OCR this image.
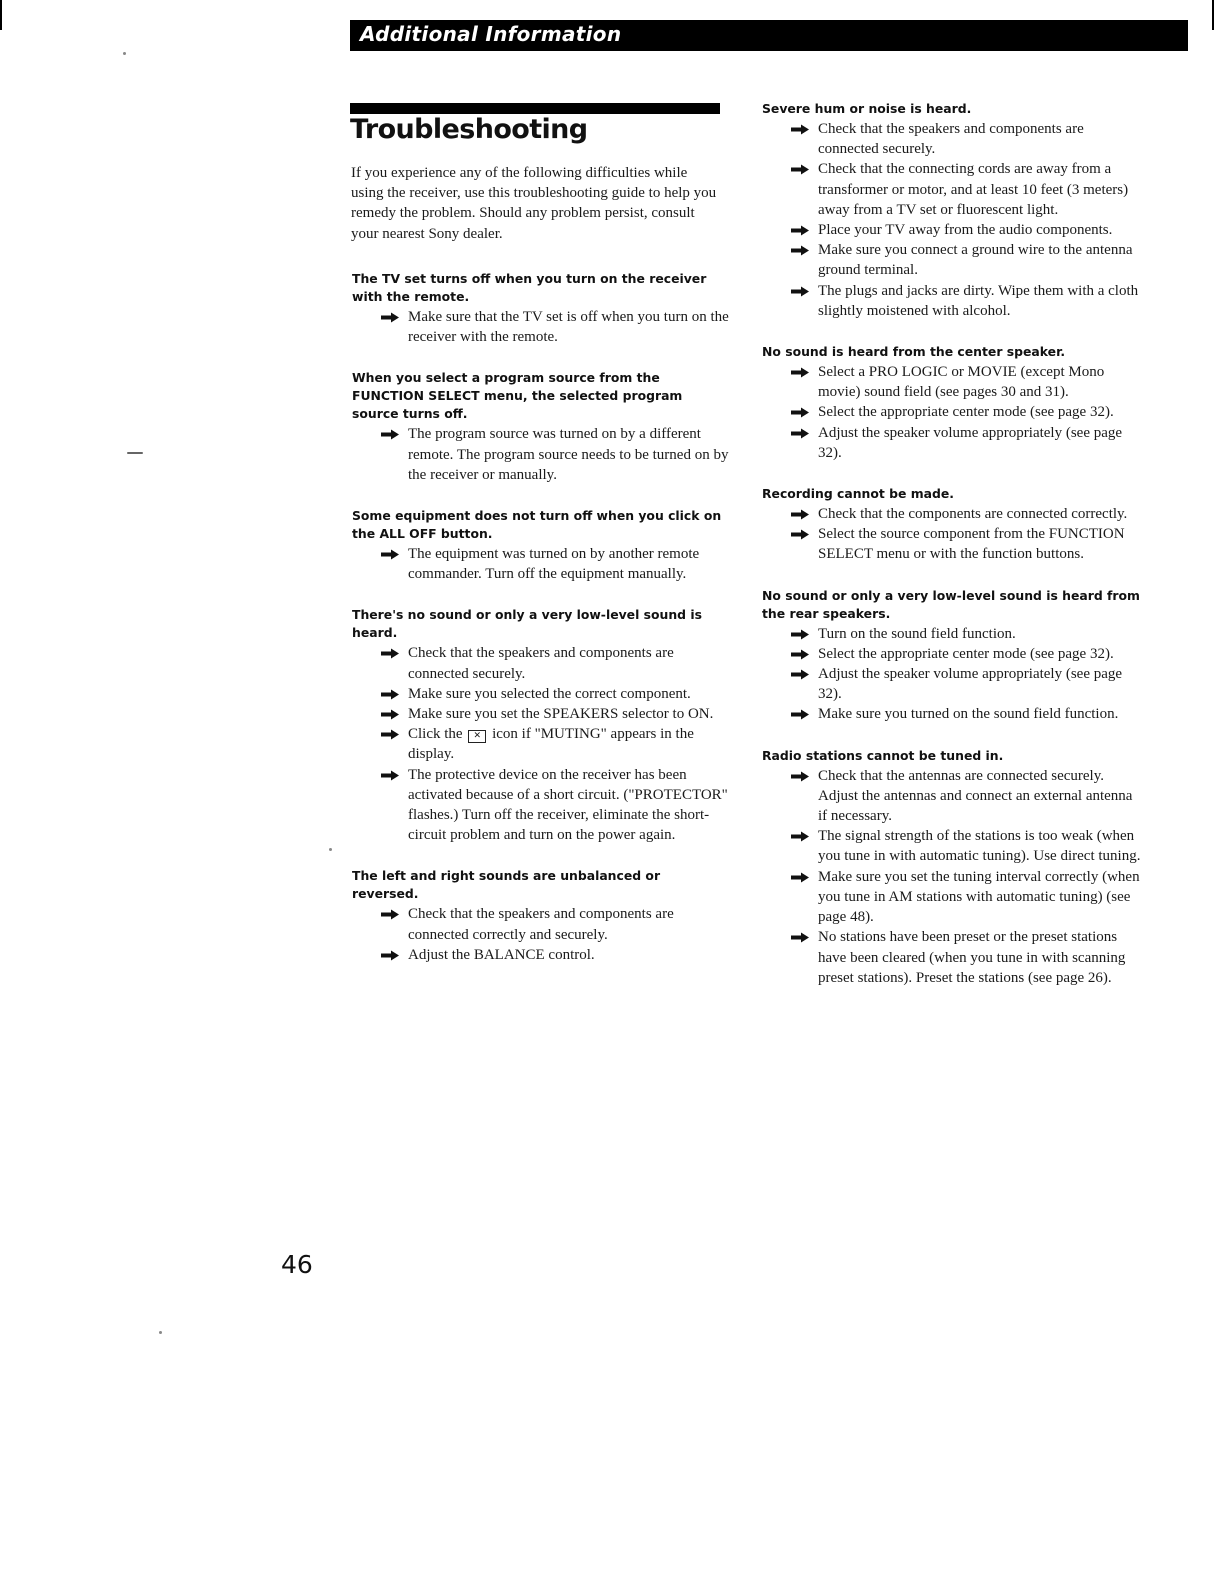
Additional Information
Troubleshooting

If you experience any of the following difficulties while using the receiver, use this troubleshooting guide to help you remedy the problem. Should any problem persist, consult your nearest Sony dealer.

The TV set turns off when you turn on the receiver with the remote.

Make sure that the TV set is off when you turn on the receiver with the remote.

When you select a program source from the FUNCTION SELECT menu, the selected program source turns off.

The program source was turned on by a different remote. The program source needs to be turned on by the receiver or manually.

Some equipment does not turn off when you click on the ALL OFF button.

The equipment was turned on by another remote commander. Turn off the equipment manually.

There's no sound or only a very low-level sound is heard.

Check that the speakers and components are connected securely.
Make sure you selected the correct component.
Make sure you set the SPEAKERS selector to ON.
Click the ✕ icon if "MUTING" appears in the display.
The protective device on the receiver has been activated because of a short circuit. ("PROTECTOR" flashes.) Turn off the receiver, eliminate the short-circuit problem and turn on the power again.

The left and right sounds are unbalanced or reversed.

Check that the speakers and components are connected correctly and securely.
Adjust the BALANCE control.

Severe hum or noise is heard.

Check that the speakers and components are connected securely.
Check that the connecting cords are away from a transformer or motor, and at least 10 feet (3 meters) away from a TV set or fluorescent light.
Place your TV away from the audio components.
Make sure you connect a ground wire to the antenna ground terminal.
The plugs and jacks are dirty. Wipe them with a cloth slightly moistened with alcohol.

No sound is heard from the center speaker.

Select a PRO LOGIC or MOVIE (except Mono movie) sound field (see pages 30 and 31).
Select the appropriate center mode (see page 32).
Adjust the speaker volume appropriately (see page 32).

Recording cannot be made.

Check that the components are connected correctly.
Select the source component from the FUNCTION SELECT menu or with the function buttons.

No sound or only a very low-level sound is heard from the rear speakers.

Turn on the sound field function.
Select the appropriate center mode (see page 32).
Adjust the speaker volume appropriately (see page 32).
Make sure you turned on the sound field function.

Radio stations cannot be tuned in.

Check that the antennas are connected securely. Adjust the antennas and connect an external antenna if necessary.
The signal strength of the stations is too weak (when you tune in with automatic tuning). Use direct tuning.
Make sure you set the tuning interval correctly (when you tune in AM stations with automatic tuning) (see page 48).
No stations have been preset or the preset stations have been cleared (when you tune in with scanning preset stations). Preset the stations (see page 26).

46
